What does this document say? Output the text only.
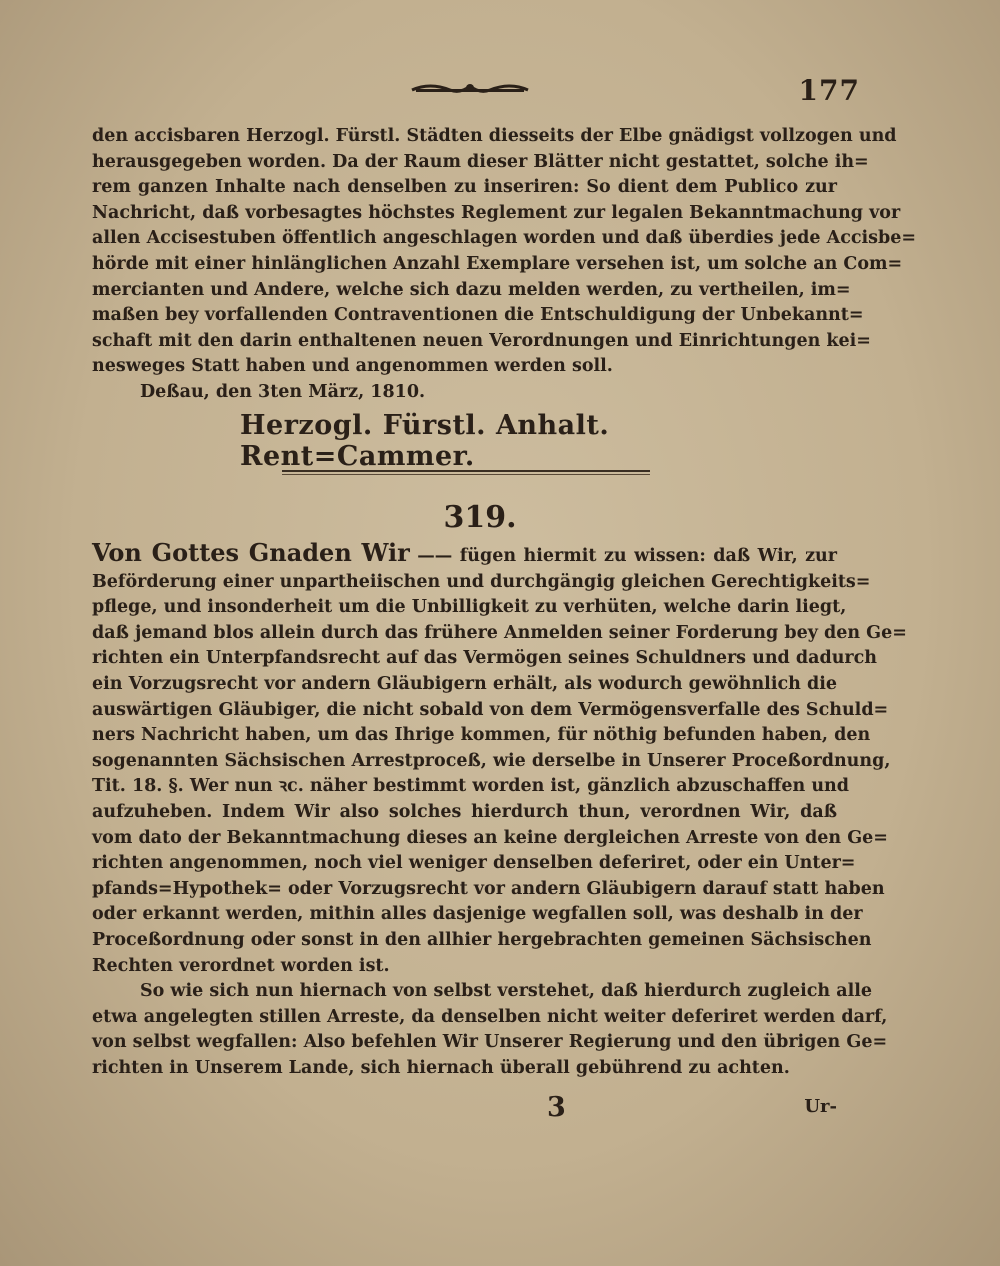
177
den accisbaren Herzogl. Fürstl. Städten diesseits der Elbe gnädigst vollzogen und
herausgegeben worden. Da der Raum dieser Blätter nicht gestattet, solche ih=
rem ganzen Inhalte nach denselben zu inseriren: So dient dem Publico zur
Nachricht, daß vorbesagtes höchstes Reglement zur legalen Bekanntmachung vor
allen Accisestuben öffentlich angeschlagen worden und daß überdies jede Accisbe=
hörde mit einer hinlänglichen Anzahl Exemplare versehen ist, um solche an Com=
mercianten und Andere, welche sich dazu melden werden, zu vertheilen, im=
maßen bey vorfallenden Contraventionen die Entschuldigung der Unbekannt=
schaft mit den darin enthaltenen neuen Verordnungen und Einrichtungen kei=
nesweges Statt haben und angenommen werden soll.
Deßau, den 3ten März, 1810.
Herzogl. Fürstl. Anhalt. Rent=Cammer.
319.
Von Gottes Gnaden Wir —— fügen hiermit zu wissen: daß Wir, zur
Beförderung einer unpartheiischen und durchgängig gleichen Gerechtigkeits=
pflege, und insonderheit um die Unbilligkeit zu verhüten, welche darin liegt,
daß jemand blos allein durch das frühere Anmelden seiner Forderung bey den Ge=
richten ein Unterpfandsrecht auf das Vermögen seines Schuldners und dadurch
ein Vorzugsrecht vor andern Gläubigern erhält, als wodurch gewöhnlich die
auswärtigen Gläubiger, die nicht sobald von dem Vermögensverfalle des Schuld=
ners Nachricht haben, um das Ihrige kommen, für nöthig befunden haben, den
sogenannten Sächsischen Arrestproceß, wie derselbe in Unserer Proceßordnung,
Tit. 18. §. Wer nun ꝛc. näher bestimmt worden ist, gänzlich abzuschaffen und
aufzuheben. Indem Wir also solches hierdurch thun, verordnen Wir, daß
vom dato der Bekanntmachung dieses an keine dergleichen Arreste von den Ge=
richten angenommen, noch viel weniger denselben deferiret, oder ein Unter=
pfands=Hypothek= oder Vorzugsrecht vor andern Gläubigern darauf statt haben
oder erkannt werden, mithin alles dasjenige wegfallen soll, was deshalb in der
Proceßordnung oder sonst in den allhier hergebrachten gemeinen Sächsischen
Rechten verordnet worden ist.
So wie sich nun hiernach von selbst verstehet, daß hierdurch zugleich alle
etwa angelegten stillen Arreste, da denselben nicht weiter deferiret werden darf,
von selbst wegfallen: Also befehlen Wir Unserer Regierung und den übrigen Ge=
richten in Unserem Lande, sich hiernach überall gebührend zu achten.
3	Ur-
